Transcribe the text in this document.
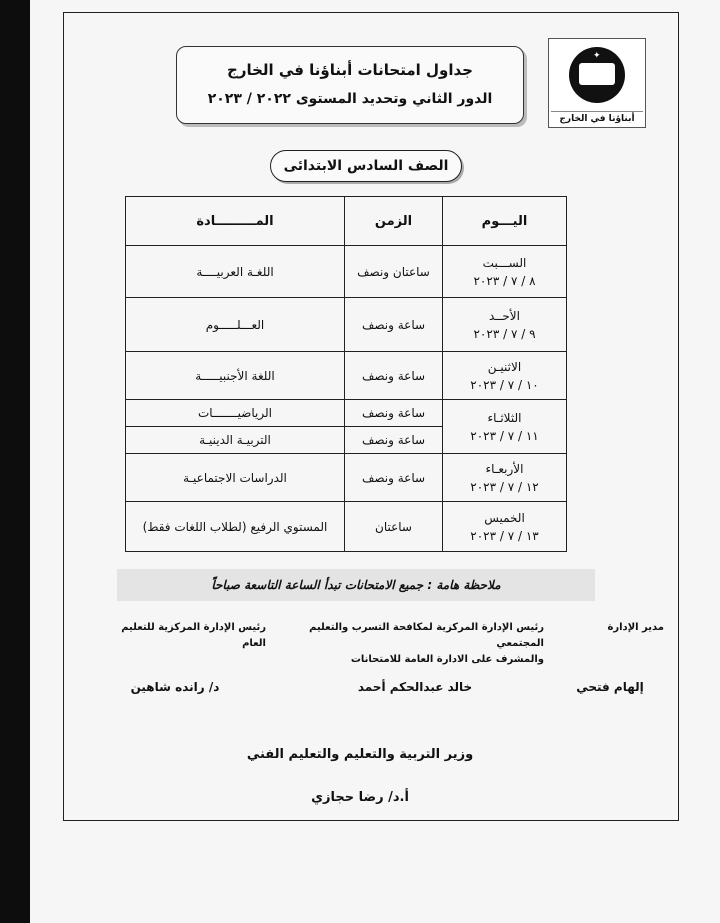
✦
أبناؤنا في الخارج
جداول امتحانات أبناؤنا في الخارج
الدور الثاني وتحديد المستوى ٢٠٢٢ / ٢٠٢٣
الصف السادس الابتدائى
اليـــوم	الزمن	المـــــــــادة

الســـبت
٨ / ٧ / ٢٠٢٣	ساعتان ونصف	اللغـة العربيــــة

الأحــد
٩ / ٧ / ٢٠٢٣	ساعة ونصف	العـــلـــــوم

الاثنيـن
١٠ / ٧ / ٢٠٢٣	ساعة ونصف	اللغة الأجنبيـــــة

الثلاثـاء
١١ / ٧ / ٢٠٢٣	ساعة ونصف	الرياضيـــــــات
	ساعة ونصف	التربيـة الدينيـة

الأربعـاء
١٢ / ٧ / ٢٠٢٣	ساعة ونصف	الدراسات الاجتماعيـة

الخميس
١٣ / ٧ / ٢٠٢٣	ساعتان	المستوي الرفيع (لطلاب اللغات فقط)
ملاحظة هامة : جميع الامتحانات تبدأ الساعة التاسعة صباحاً
مدير الإدارة
رئيس الإدارة المركزية لمكافحة التسرب والتعليم المجتمعي
والمشرف على الادارة العامة للامتحانات
رئيس الإدارة المركزية للتعليم العام
إلهام فتحي
خالد عبدالحكم أحمد
د/ رانده شاهين
وزير التربية والتعليم والتعليم الفني
أ.د/ رضا حجازي
